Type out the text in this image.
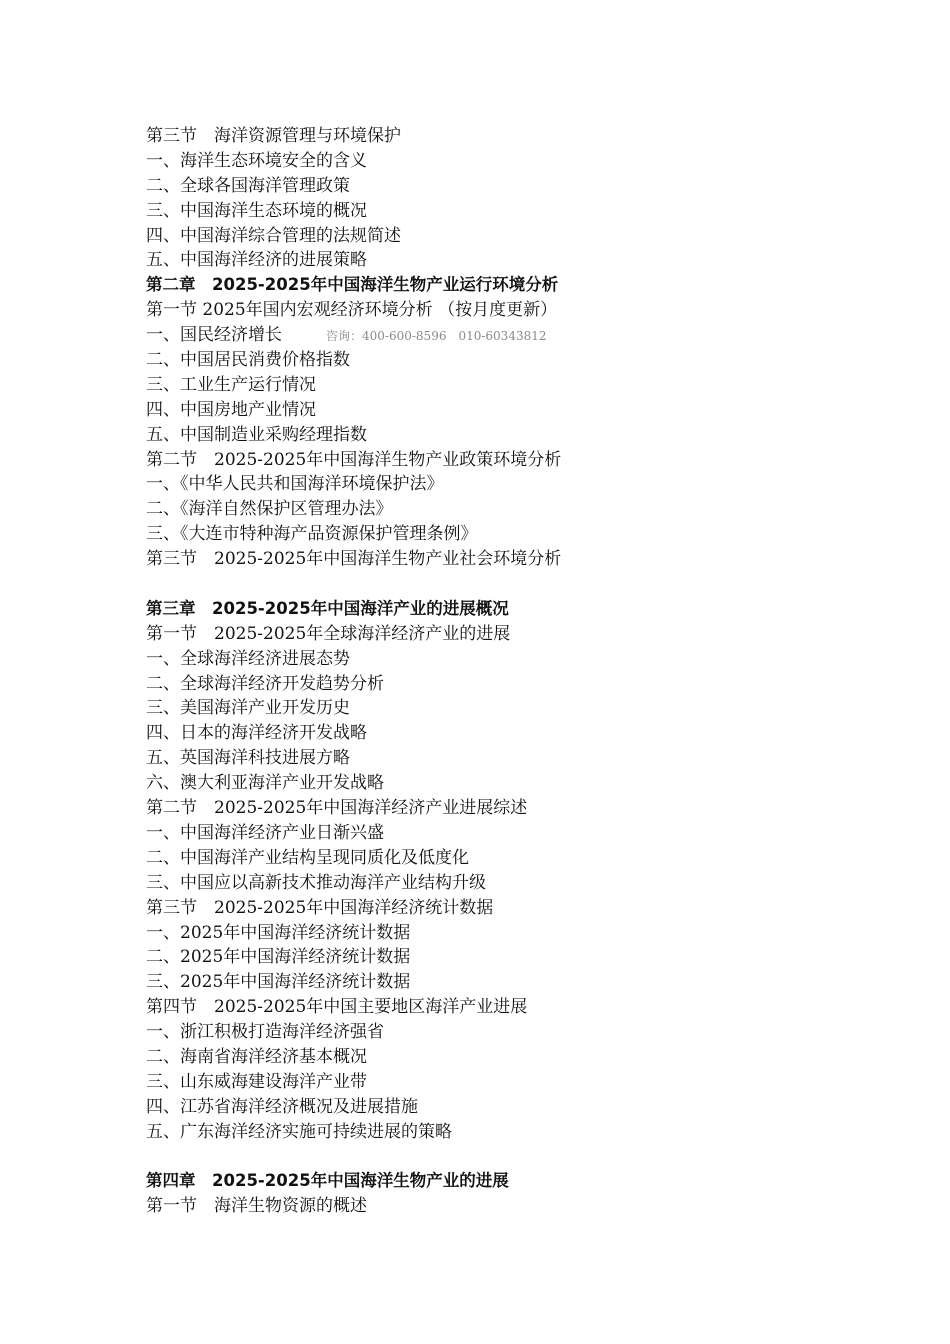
第三节　海洋资源管理与环境保护
一、海洋生态环境安全的含义
二、全球各国海洋管理政策
三、中国海洋生态环境的概况
四、中国海洋综合管理的法规简述
五、中国海洋经济的进展策略
第二章　2025-2025年中国海洋生物产业运行环境分析
第一节 2025年国内宏观经济环境分析 （按月度更新）
一、国民经济增长	咨询：400-600-8596　010-60343812
二、中国居民消费价格指数
三、工业生产运行情况
四、中国房地产业情况
五、中国制造业采购经理指数
第二节　2025-2025年中国海洋生物产业政策环境分析
一、《中华人民共和国海洋环境保护法》
二、《海洋自然保护区管理办法》
三、《大连市特种海产品资源保护管理条例》
第三节　2025-2025年中国海洋生物产业社会环境分析
第三章　2025-2025年中国海洋产业的进展概况
第一节　2025-2025年全球海洋经济产业的进展
一、全球海洋经济进展态势
二、全球海洋经济开发趋势分析
三、美国海洋产业开发历史
四、日本的海洋经济开发战略
五、英国海洋科技进展方略
六、澳大利亚海洋产业开发战略
第二节　2025-2025年中国海洋经济产业进展综述
一、中国海洋经济产业日渐兴盛
二、中国海洋产业结构呈现同质化及低度化
三、中国应以高新技术推动海洋产业结构升级
第三节　2025-2025年中国海洋经济统计数据
一、2025年中国海洋经济统计数据
二、2025年中国海洋经济统计数据
三、2025年中国海洋经济统计数据
第四节　2025-2025年中国主要地区海洋产业进展
一、浙江积极打造海洋经济强省
二、海南省海洋经济基本概况
三、山东威海建设海洋产业带
四、江苏省海洋经济概况及进展措施
五、广东海洋经济实施可持续进展的策略
第四章　2025-2025年中国海洋生物产业的进展
第一节　海洋生物资源的概述
